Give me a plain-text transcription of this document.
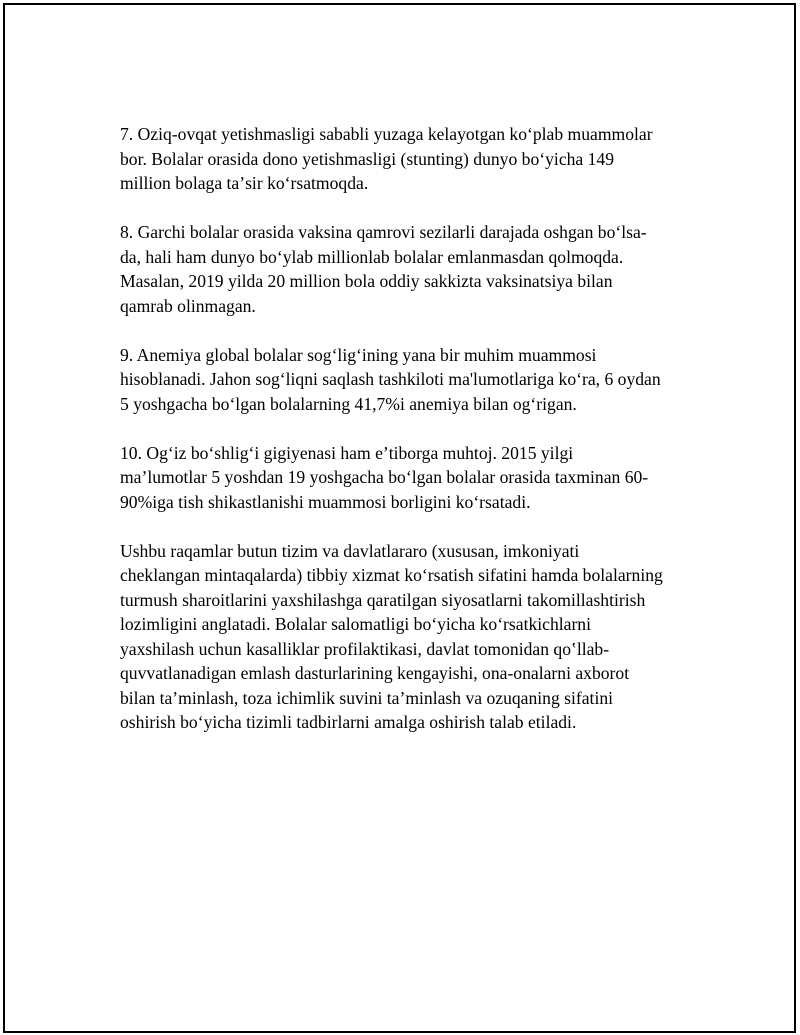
7. Oziq-ovqat yetishmasligi sababli yuzaga kelayotgan koʻplab muammolar
bor. Bolalar orasida dono yetishmasligi (stunting) dunyo boʻyicha 149
million bolaga taʼsir koʻrsatmoqda.

8. Garchi bolalar orasida vaksina qamrovi sezilarli darajada oshgan boʻlsa-
da, hali ham dunyo boʻylab millionlab bolalar emlanmasdan qolmoqda.
Masalan, 2019 yilda 20 million bola oddiy sakkizta vaksinatsiya bilan
qamrab olinmagan.

9. Anemiya global bolalar sogʻligʻining yana bir muhim muammosi
hisoblanadi. Jahon sogʻliqni saqlash tashkiloti ma'lumotlariga koʻra, 6 oydan
5 yoshgacha boʻlgan bolalarning 41,7%i anemiya bilan ogʻrigan.

10. Ogʻiz boʻshligʻi gigiyenasi ham eʼtiborga muhtoj. 2015 yilgi
maʼlumotlar 5 yoshdan 19 yoshgacha boʻlgan bolalar orasida taxminan 60-
90%iga tish shikastlanishi muammosi borligini koʻrsatadi.

Ushbu raqamlar butun tizim va davlatlararo (xususan, imkoniyati
cheklangan mintaqalarda) tibbiy xizmat koʻrsatish sifatini hamda bolalarning
turmush sharoitlarini yaxshilashga qaratilgan siyosatlarni takomillashtirish
lozimligini anglatadi. Bolalar salomatligi boʻyicha koʻrsatkichlarni
yaxshilash uchun kasalliklar profilaktikasi, davlat tomonidan qoʽllab-
quvvatlanadigan emlash dasturlarining kengayishi, ona-onalarni axborot
bilan taʼminlash, toza ichimlik suvini taʼminlash va ozuqaning sifatini
oshirish boʻyicha tizimli tadbirlarni amalga oshirish talab etiladi.
